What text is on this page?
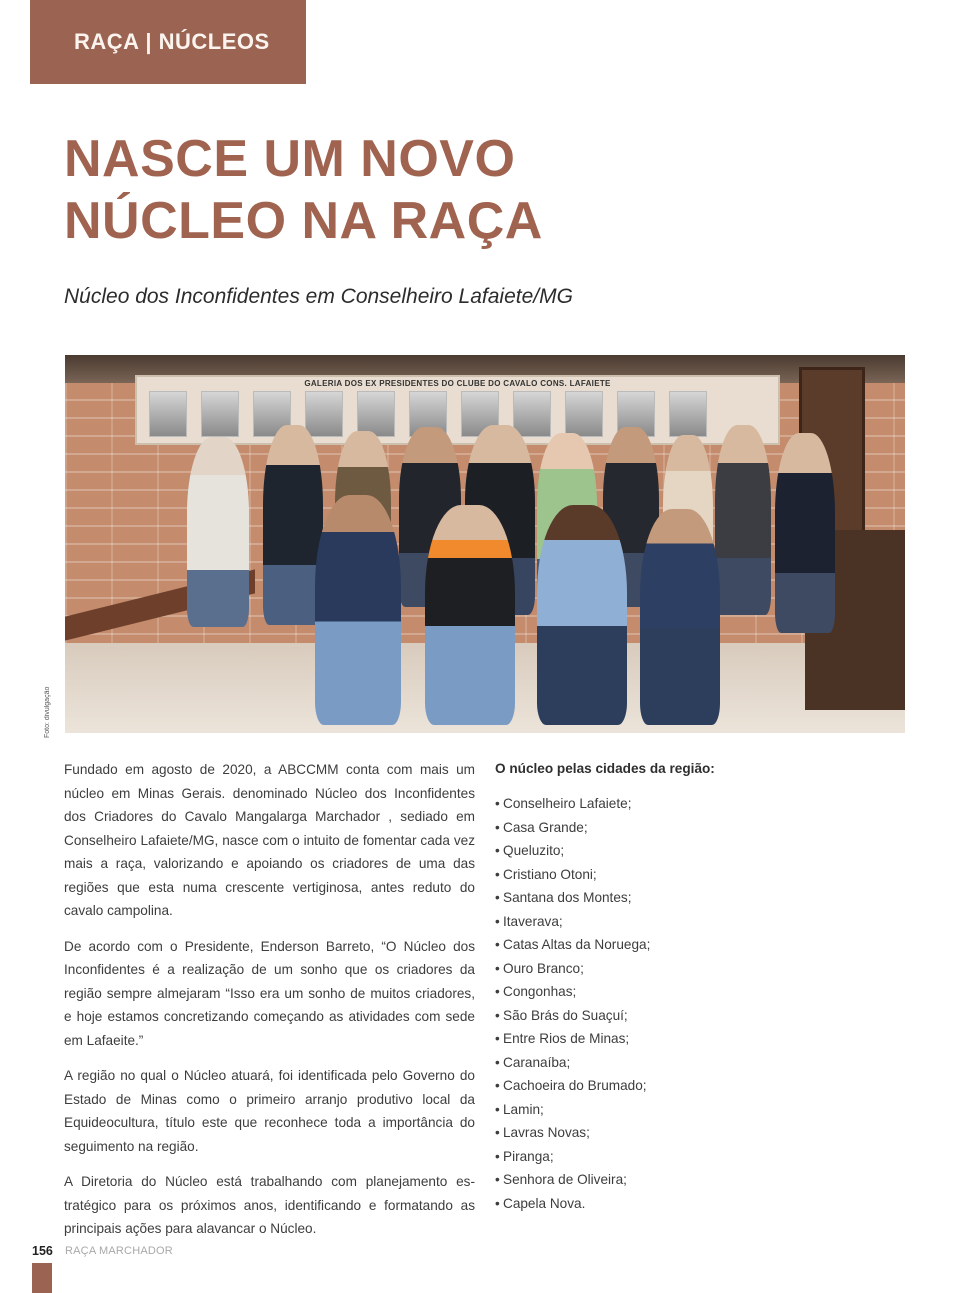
RAÇA | NÚCLEOS
NASCE UM NOVO
NÚCLEO NA RAÇA
Núcleo dos Inconfidentes em Conselheiro Lafaiete/MG
GALERIA DOS EX PRESIDENTES DO CLUBE DO CAVALO CONS. LAFAIETE
Foto: divulgação

Fundado em agosto de 2020, a ABCCMM conta com mais um núcleo em Minas Gerais. denominado Núcleo dos Inconfidentes dos Criadores do Cavalo Mangalarga Marchador , sediado em Conselheiro Lafaiete/MG, nasce com o intuito de fomentar cada vez mais a raça, valorizando e apoiando os criadores de uma das regiões que esta numa crescente vertiginosa, antes reduto do cavalo campolina.

De acordo com o Presidente, Enderson Barreto, “O Núcleo dos Inconfidentes é a realização de um sonho que os criadores da região sempre almejaram “Isso era um sonho de muitos criadores, e hoje estamos concretizando começando as atividades com sede em Lafaeite.”

A região no qual o Núcleo atuará, foi identificada pelo Governo do Estado de Minas como o primeiro arranjo produtivo local da Equideocultura, título este que reconhece toda a importância do seguimento na região.

A Diretoria do Núcleo está trabalhando com planejamento estratégico para os próximos anos, identificando e formatando as principais ações para alavancar o Núcleo.

O núcleo pelas cidades da região:
• Conselheiro Lafaiete;
• Casa Grande;
• Queluzito;
• Cristiano Otoni;
• Santana dos Montes;
• Itaverava;
• Catas Altas da Noruega;
• Ouro Branco;
• Congonhas;
• São Brás do Suaçuí;
• Entre Rios de Minas;
• Caranaíba;
• Cachoeira do Brumado;
• Lamin;
• Lavras Novas;
• Piranga;
• Senhora de Oliveira;
• Capela Nova.
156 RAÇA MARCHADOR
